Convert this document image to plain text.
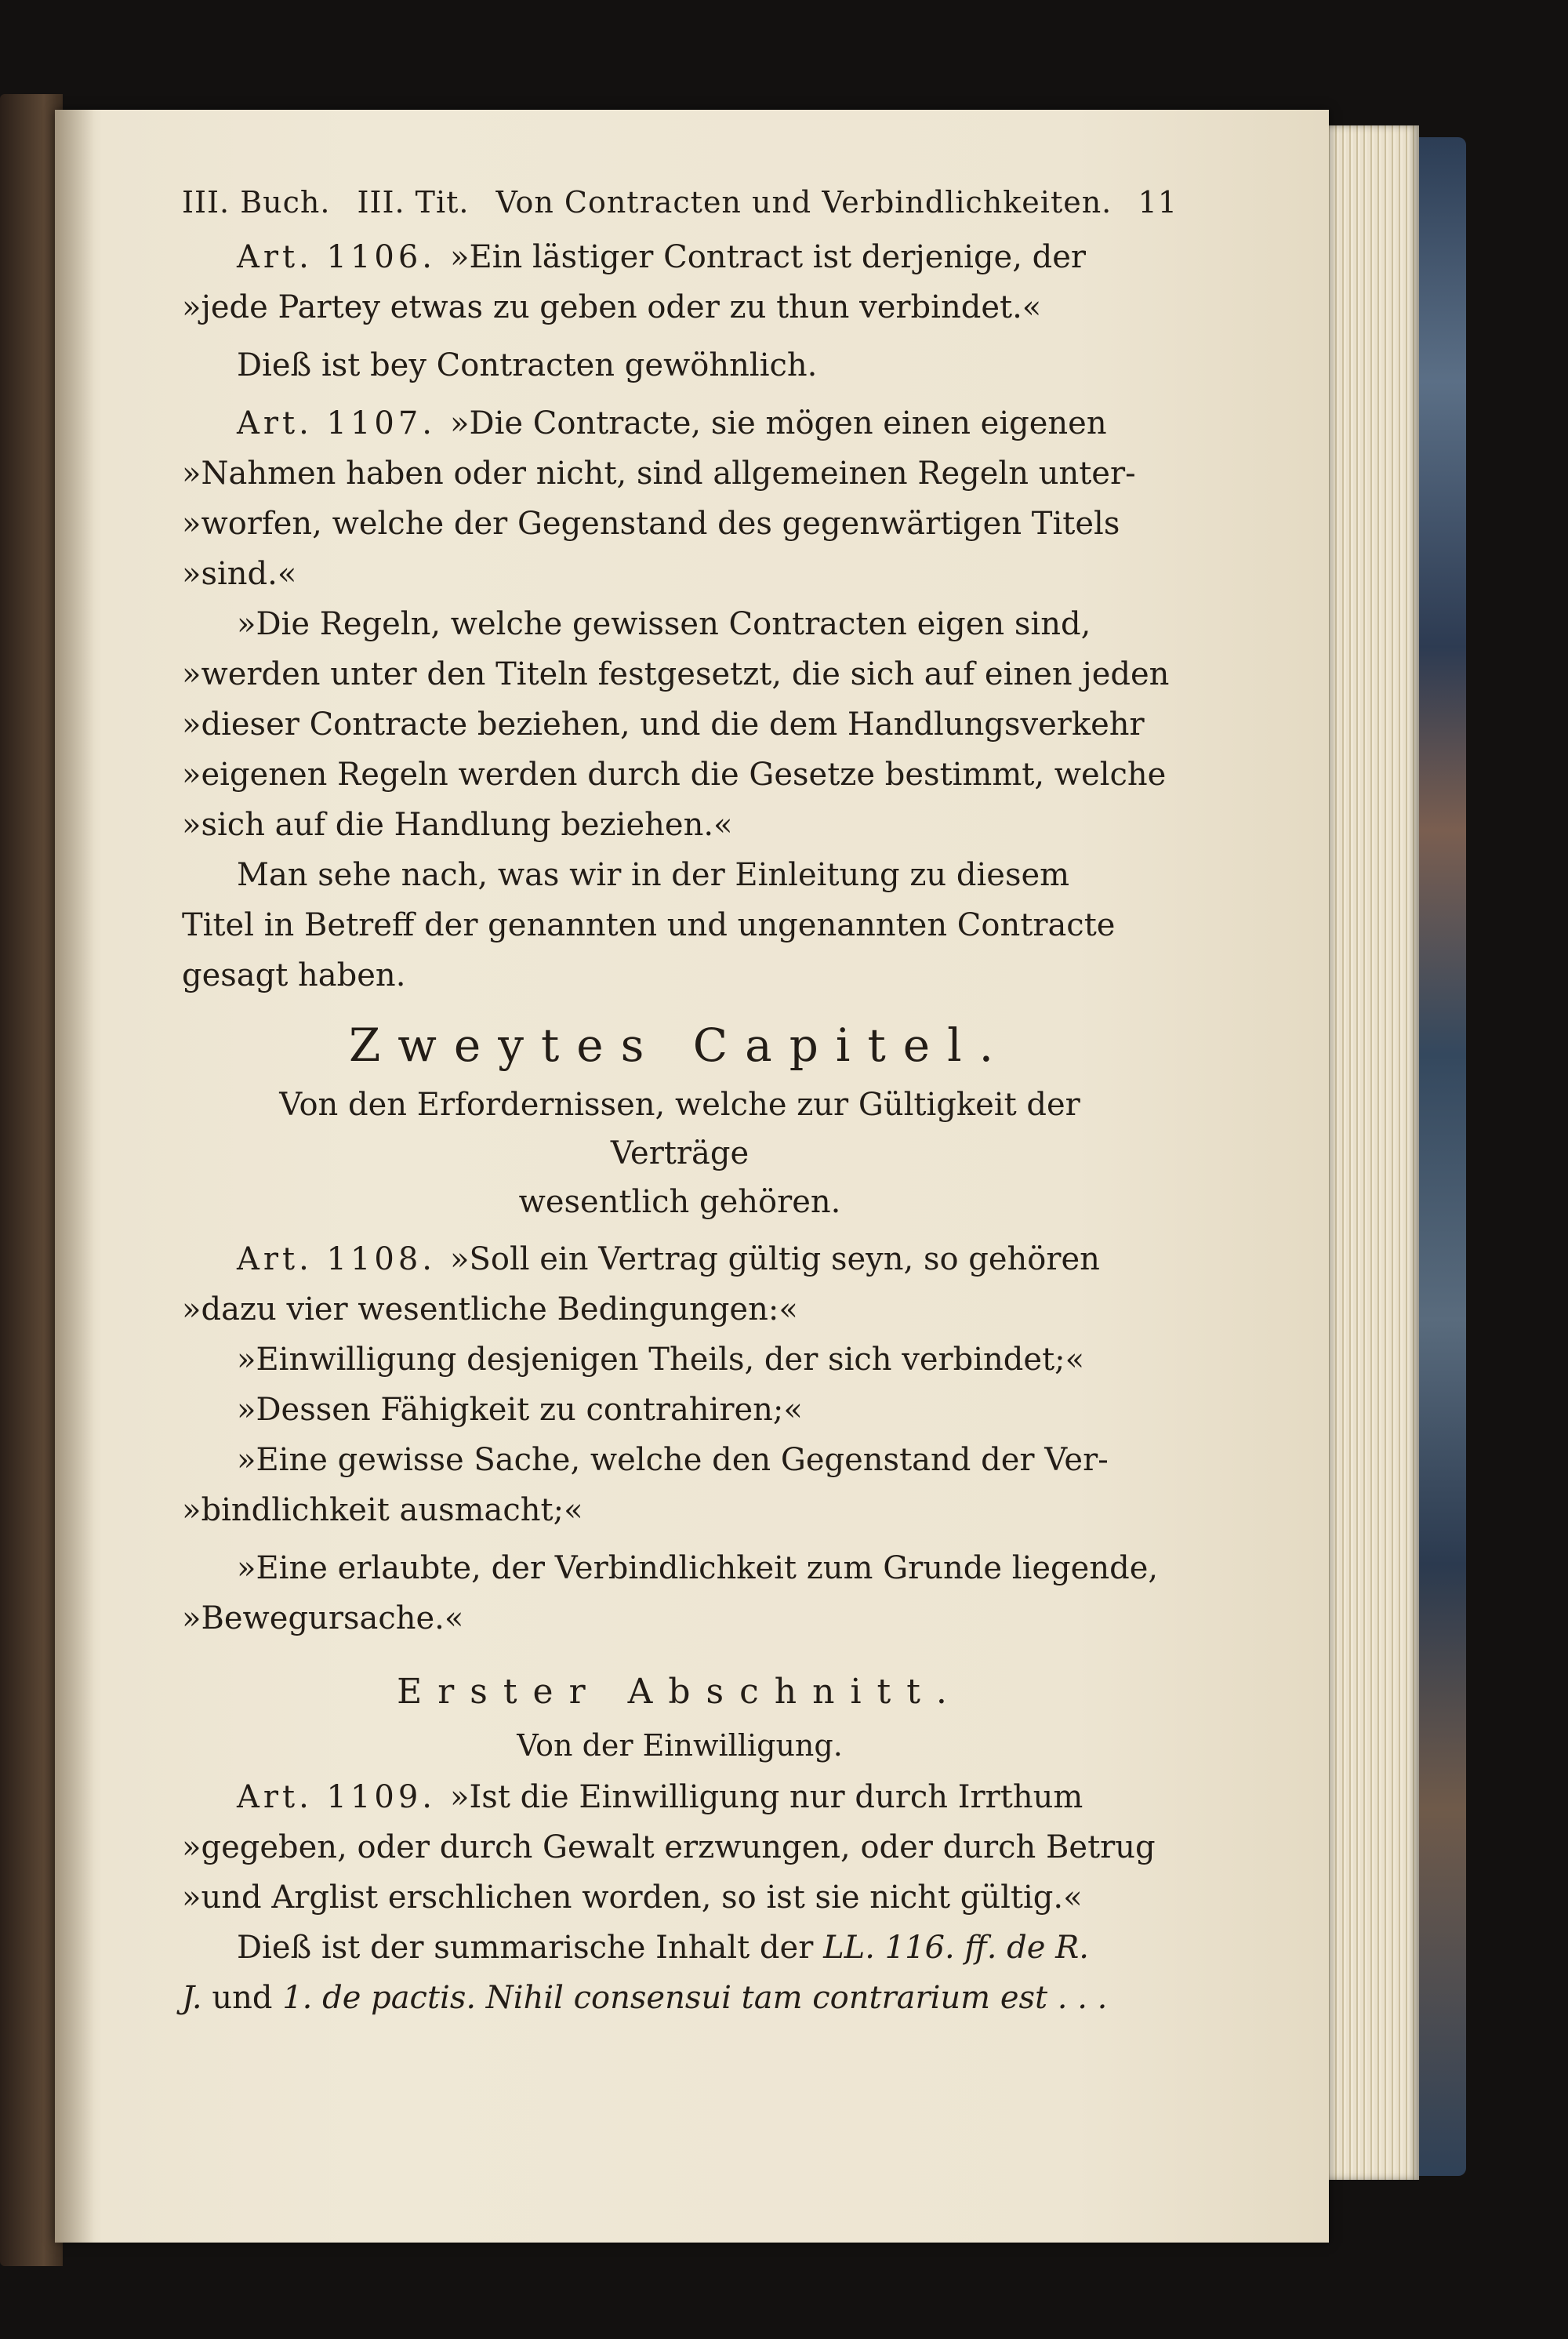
III. Buch. III. Tit. Von Contracten und Verbindlichkeiten. 11

Art. 1106. »Ein lästiger Contract ist derjenige, der
»jede Partey etwas zu geben oder zu thun verbindet.«

Dieß ist bey Contracten gewöhnlich.

Art. 1107. »Die Contracte, sie mögen einen eigenen
»Nahmen haben oder nicht, sind allgemeinen Regeln unter-
»worfen, welche der Gegenstand des gegenwärtigen Titels
»sind.«

»Die Regeln, welche gewissen Contracten eigen sind,
»werden unter den Titeln festgesetzt, die sich auf einen jeden
»dieser Contracte beziehen, und die dem Handlungsverkehr
»eigenen Regeln werden durch die Gesetze bestimmt, welche
»sich auf die Handlung beziehen.«

Man sehe nach, was wir in der Einleitung zu diesem
Titel in Betreff der genannten und ungenannten Contracte
gesagt haben.

Zweytes Capitel.
Von den Erfordernissen, welche zur Gültigkeit der Verträge
wesentlich gehören.

Art. 1108. »Soll ein Vertrag gültig seyn, so gehören
»dazu vier wesentliche Bedingungen:«
»Einwilligung desjenigen Theils, der sich verbindet;«
»Dessen Fähigkeit zu contrahiren;«
»Eine gewisse Sache, welche den Gegenstand der Ver-
»bindlichkeit ausmacht;«
»Eine erlaubte, der Verbindlichkeit zum Grunde liegende,
»Bewegursache.«

Erster Abschnitt.
Von der Einwilligung.

Art. 1109. »Ist die Einwilligung nur durch Irrthum
»gegeben, oder durch Gewalt erzwungen, oder durch Betrug
»und Arglist erschlichen worden, so ist sie nicht gültig.«

Dieß ist der summarische Inhalt der LL. 116. ff. de R.
J. und 1. de pactis. Nihil consensui tam contrarium est . . .
